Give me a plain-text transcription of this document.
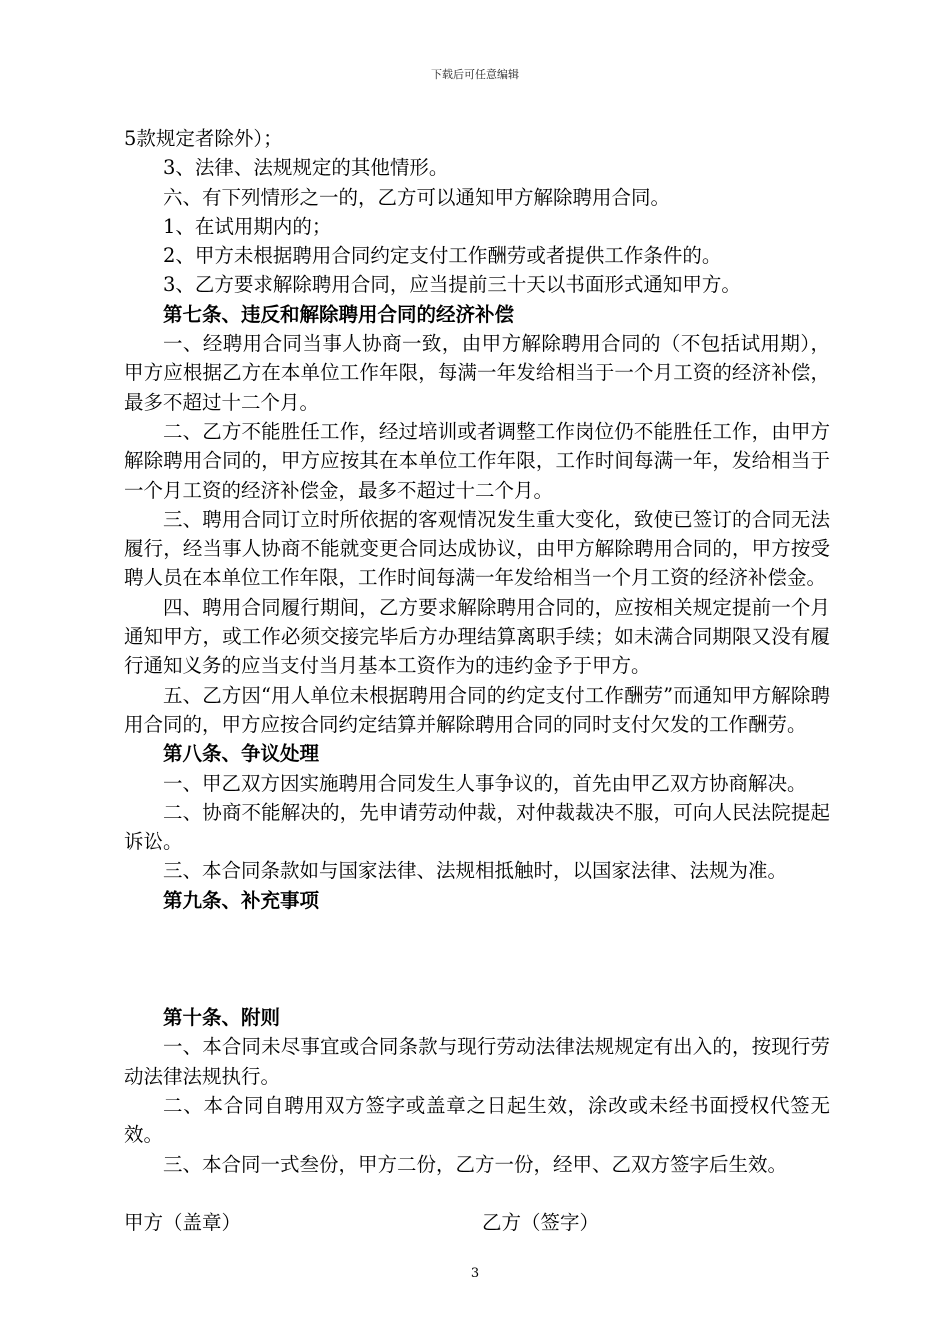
下载后可任意编辑

5款规定者除外）；

3、法律、法规规定的其他情形。

六、有下列情形之一的，乙方可以通知甲方解除聘用合同。

1、在试用期内的；

2、甲方未根据聘用合同约定支付工作酬劳或者提供工作条件的。

3、乙方要求解除聘用合同，应当提前三十天以书面形式通知甲方。

第七条、违反和解除聘用合同的经济补偿

一、经聘用合同当事人协商一致，由甲方解除聘用合同的（不包括试用期），甲方应根据乙方在本单位工作年限，每满一年发给相当于一个月工资的经济补偿，最多不超过十二个月。

二、乙方不能胜任工作，经过培训或者调整工作岗位仍不能胜任工作，由甲方解除聘用合同的，甲方应按其在本单位工作年限，工作时间每满一年，发给相当于一个月工资的经济补偿金，最多不超过十二个月。

三、聘用合同订立时所依据的客观情况发生重大变化，致使已签订的合同无法履行，经当事人协商不能就变更合同达成协议，由甲方解除聘用合同的，甲方按受聘人员在本单位工作年限，工作时间每满一年发给相当一个月工资的经济补偿金。

四、聘用合同履行期间，乙方要求解除聘用合同的，应按相关规定提前一个月通知甲方，或工作必须交接完毕后方办理结算离职手续；如未满合同期限又没有履行通知义务的应当支付当月基本工资作为的违约金予于甲方。

五、乙方因“用人单位未根据聘用合同的约定支付工作酬劳”而通知甲方解除聘用合同的，甲方应按合同约定结算并解除聘用合同的同时支付欠发的工作酬劳。

第八条、争议处理

一、甲乙双方因实施聘用合同发生人事争议的，首先由甲乙双方协商解决。

二、协商不能解决的，先申请劳动仲裁，对仲裁裁决不服，可向人民法院提起诉讼。

三、本合同条款如与国家法律、法规相抵触时，以国家法律、法规为准。

第九条、补充事项

第十条、附则

一、本合同未尽事宜或合同条款与现行劳动法律法规规定有出入的，按现行劳动法律法规执行。

二、本合同自聘用双方签字或盖章之日起生效，涂改或未经书面授权代签无效。

三、本合同一式叁份，甲方二份，乙方一份，经甲、乙双方签字后生效。

甲方（盖章）	乙方（签字）
3
